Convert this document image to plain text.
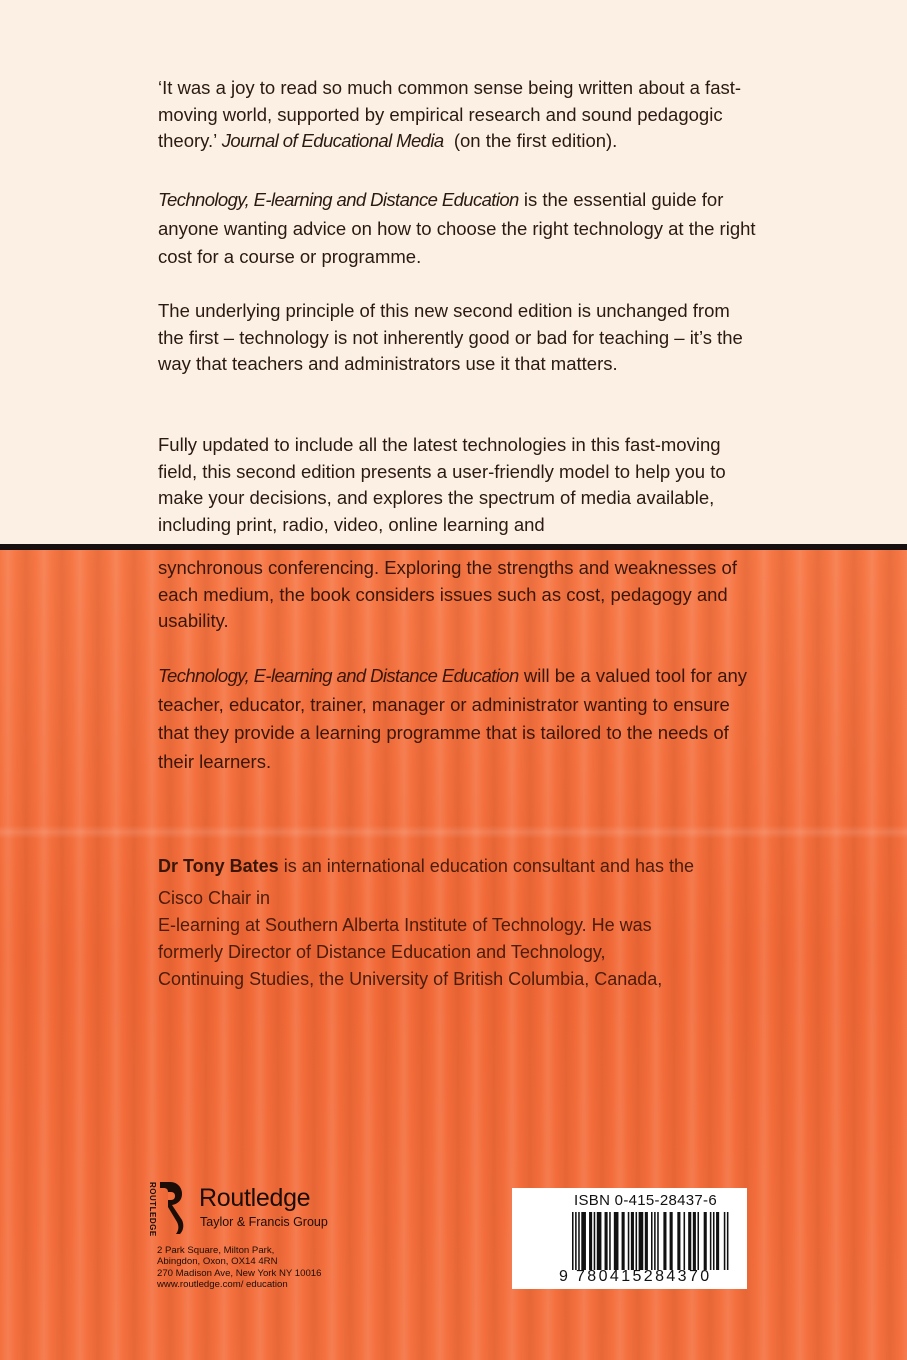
‘It was a joy to read so much common sense being written about a fast-moving world, supported by empirical research and sound pedagogic theory.’ Journal of Educational Media (on the first edition).

Technology, E-learning and Distance Education is the essential guide for anyone wanting advice on how to choose the right technology at the right cost for a course or programme.

The underlying principle of this new second edition is unchanged from the first – technology is not inherently good or bad for teaching – it’s the way that teachers and administrators use it that matters.

Fully updated to include all the latest technologies in this fast-moving field, this second edition presents a user-friendly model to help you to make your decisions, and explores the spectrum of media available, including print, radio, video, online learning and

synchronous conferencing. Exploring the strengths and weaknesses of each medium, the book considers issues such as cost, pedagogy and usability.

Technology, E-learning and Distance Education will be a valued tool for any teacher, educator, trainer, manager or administrator wanting to ensure that they provide a learning programme that is tailored to the needs of their learners.

Dr Tony Bates is an international education consultant and has the
Cisco Chair in
E-learning at Southern Alberta Institute of Technology. He was
formerly Director of Distance Education and Technology,
Continuing Studies, the University of British Columbia, Canada,
ROUTLEDGE Routledge
Taylor & Francis Group
2 Park Square, Milton Park,
Abingdon, Oxon, OX14 4RN
270 Madison Ave, New York NY 10016
www.routledge.com/ education
ISBN 0-415-28437-6
9 780415284370
